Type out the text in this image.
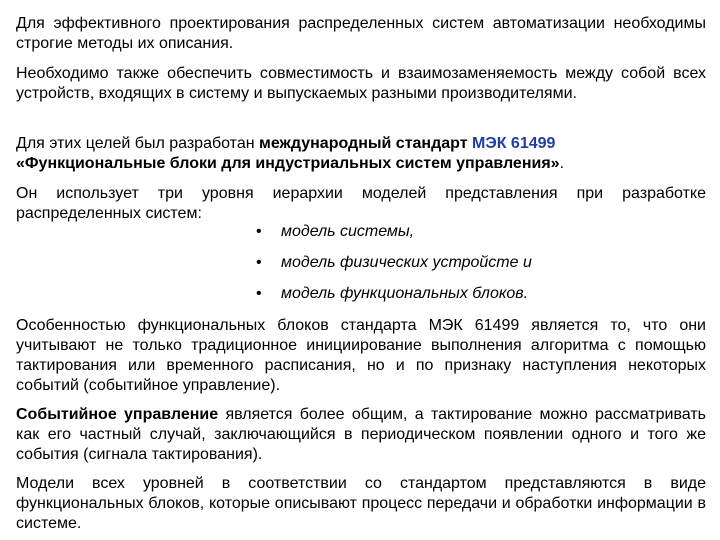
Для эффективного проектирования распределенных систем автоматизации необходимы строгие методы их описания.

Необходимо также обеспечить совместимость и взаимозаменяемость между собой всех устройств, входящих в систему и выпускаемых разными производителями.

Для этих целей был разработан международный стандарт МЭК 61499
«Функциональные блоки для индустриальных систем управления».

Он использует три уровня иерархии моделей представления при разработке распределенных систем:

• модель системы,
• модель физических устройсте и
• модель функциональных блоков.

Особенностью функциональных блоков стандарта МЭК 61499 является то, что они учитывают не только традиционное инициирование выполнения алгоритма с помощью тактирования или временного расписания, но и по признаку наступления некоторых событий (событийное управление).

Событийное управление является более общим, а тактирование можно рассматривать как его частный случай, заключающийся в периодическом появлении одного и того же события (сигнала тактирования).

Модели всех уровней в соответствии со стандартом представляются в виде функциональных блоков, которые описывают процесс передачи и обработки информации в системе.
